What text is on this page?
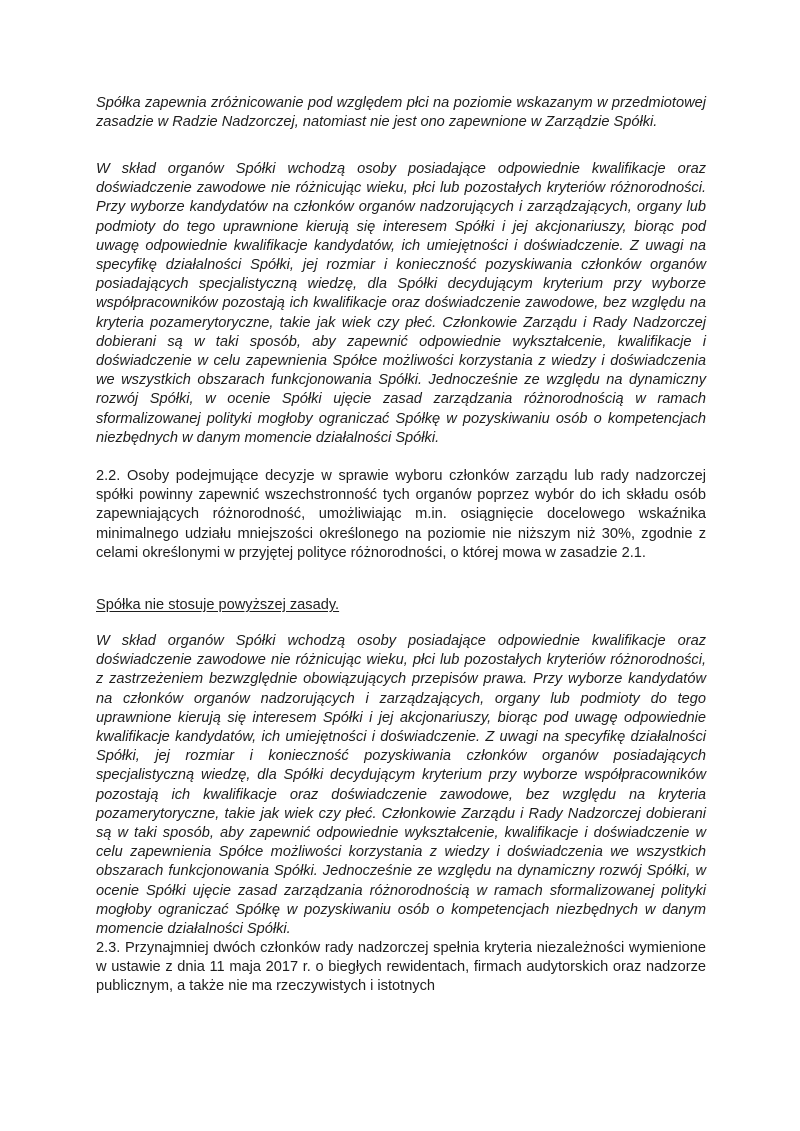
Spółka zapewnia zróżnicowanie pod względem płci na poziomie wskazanym w przedmiotowej zasadzie w Radzie Nadzorczej, natomiast nie jest ono zapewnione w Zarządzie Spółki.

W skład organów Spółki wchodzą osoby posiadające odpowiednie kwalifikacje oraz doświadczenie zawodowe nie różnicując wieku, płci lub pozostałych kryteriów różnorodności. Przy wyborze kandydatów na członków organów nadzorujących i zarządzających, organy lub podmioty do tego uprawnione kierują się interesem Spółki i jej akcjonariuszy, biorąc pod uwagę odpowiednie kwalifikacje kandydatów, ich umiejętności i doświadczenie. Z uwagi na specyfikę działalności Spółki, jej rozmiar i konieczność pozyskiwania członków organów posiadających specjalistyczną wiedzę, dla Spółki decydującym kryterium przy wyborze współpracowników pozostają ich kwalifikacje oraz doświadczenie zawodowe, bez względu na kryteria pozamerytoryczne, takie jak wiek czy płeć. Członkowie Zarządu i Rady Nadzorczej dobierani są w taki sposób, aby zapewnić odpowiednie wykształcenie, kwalifikacje i doświadczenie w celu zapewnienia Spółce możliwości korzystania z wiedzy i doświadczenia we wszystkich obszarach funkcjonowania Spółki. Jednocześnie ze względu na dynamiczny rozwój Spółki, w ocenie Spółki ujęcie zasad zarządzania różnorodnością w ramach sformalizowanej polityki mogłoby ograniczać Spółkę w pozyskiwaniu osób o kompetencjach niezbędnych w danym momencie działalności Spółki.

2.2. Osoby podejmujące decyzje w sprawie wyboru członków zarządu lub rady nadzorczej spółki powinny zapewnić wszechstronność tych organów poprzez wybór do ich składu osób zapewniających różnorodność, umożliwiając m.in. osiągnięcie docelowego wskaźnika minimalnego udziału mniejszości określonego na poziomie nie niższym niż 30%, zgodnie z celami określonymi w przyjętej polityce różnorodności, o której mowa w zasadzie 2.1.

Spółka nie stosuje powyższej zasady.

W skład organów Spółki wchodzą osoby posiadające odpowiednie kwalifikacje oraz doświadczenie zawodowe nie różnicując wieku, płci lub pozostałych kryteriów różnorodności, z zastrzeżeniem bezwzględnie obowiązujących przepisów prawa. Przy wyborze kandydatów na członków organów nadzorujących i zarządzających, organy lub podmioty do tego uprawnione kierują się interesem Spółki i jej akcjonariuszy, biorąc pod uwagę odpowiednie kwalifikacje kandydatów, ich umiejętności i doświadczenie. Z uwagi na specyfikę działalności Spółki, jej rozmiar i konieczność pozyskiwania członków organów posiadających specjalistyczną wiedzę, dla Spółki decydującym kryterium przy wyborze współpracowników pozostają ich kwalifikacje oraz doświadczenie zawodowe, bez względu na kryteria pozamerytoryczne, takie jak wiek czy płeć. Członkowie Zarządu i Rady Nadzorczej dobierani są w taki sposób, aby zapewnić odpowiednie wykształcenie, kwalifikacje i doświadczenie w celu zapewnienia Spółce możliwości korzystania z wiedzy i doświadczenia we wszystkich obszarach funkcjonowania Spółki. Jednocześnie ze względu na dynamiczny rozwój Spółki, w ocenie Spółki ujęcie zasad zarządzania różnorodnością w ramach sformalizowanej polityki mogłoby ograniczać Spółkę w pozyskiwaniu osób o kompetencjach niezbędnych w danym momencie działalności Spółki.

2.3. Przynajmniej dwóch członków rady nadzorczej spełnia kryteria niezależności wymienione w ustawie z dnia 11 maja 2017 r. o biegłych rewidentach, firmach audytorskich oraz nadzorze publicznym, a także nie ma rzeczywistych i istotnych
